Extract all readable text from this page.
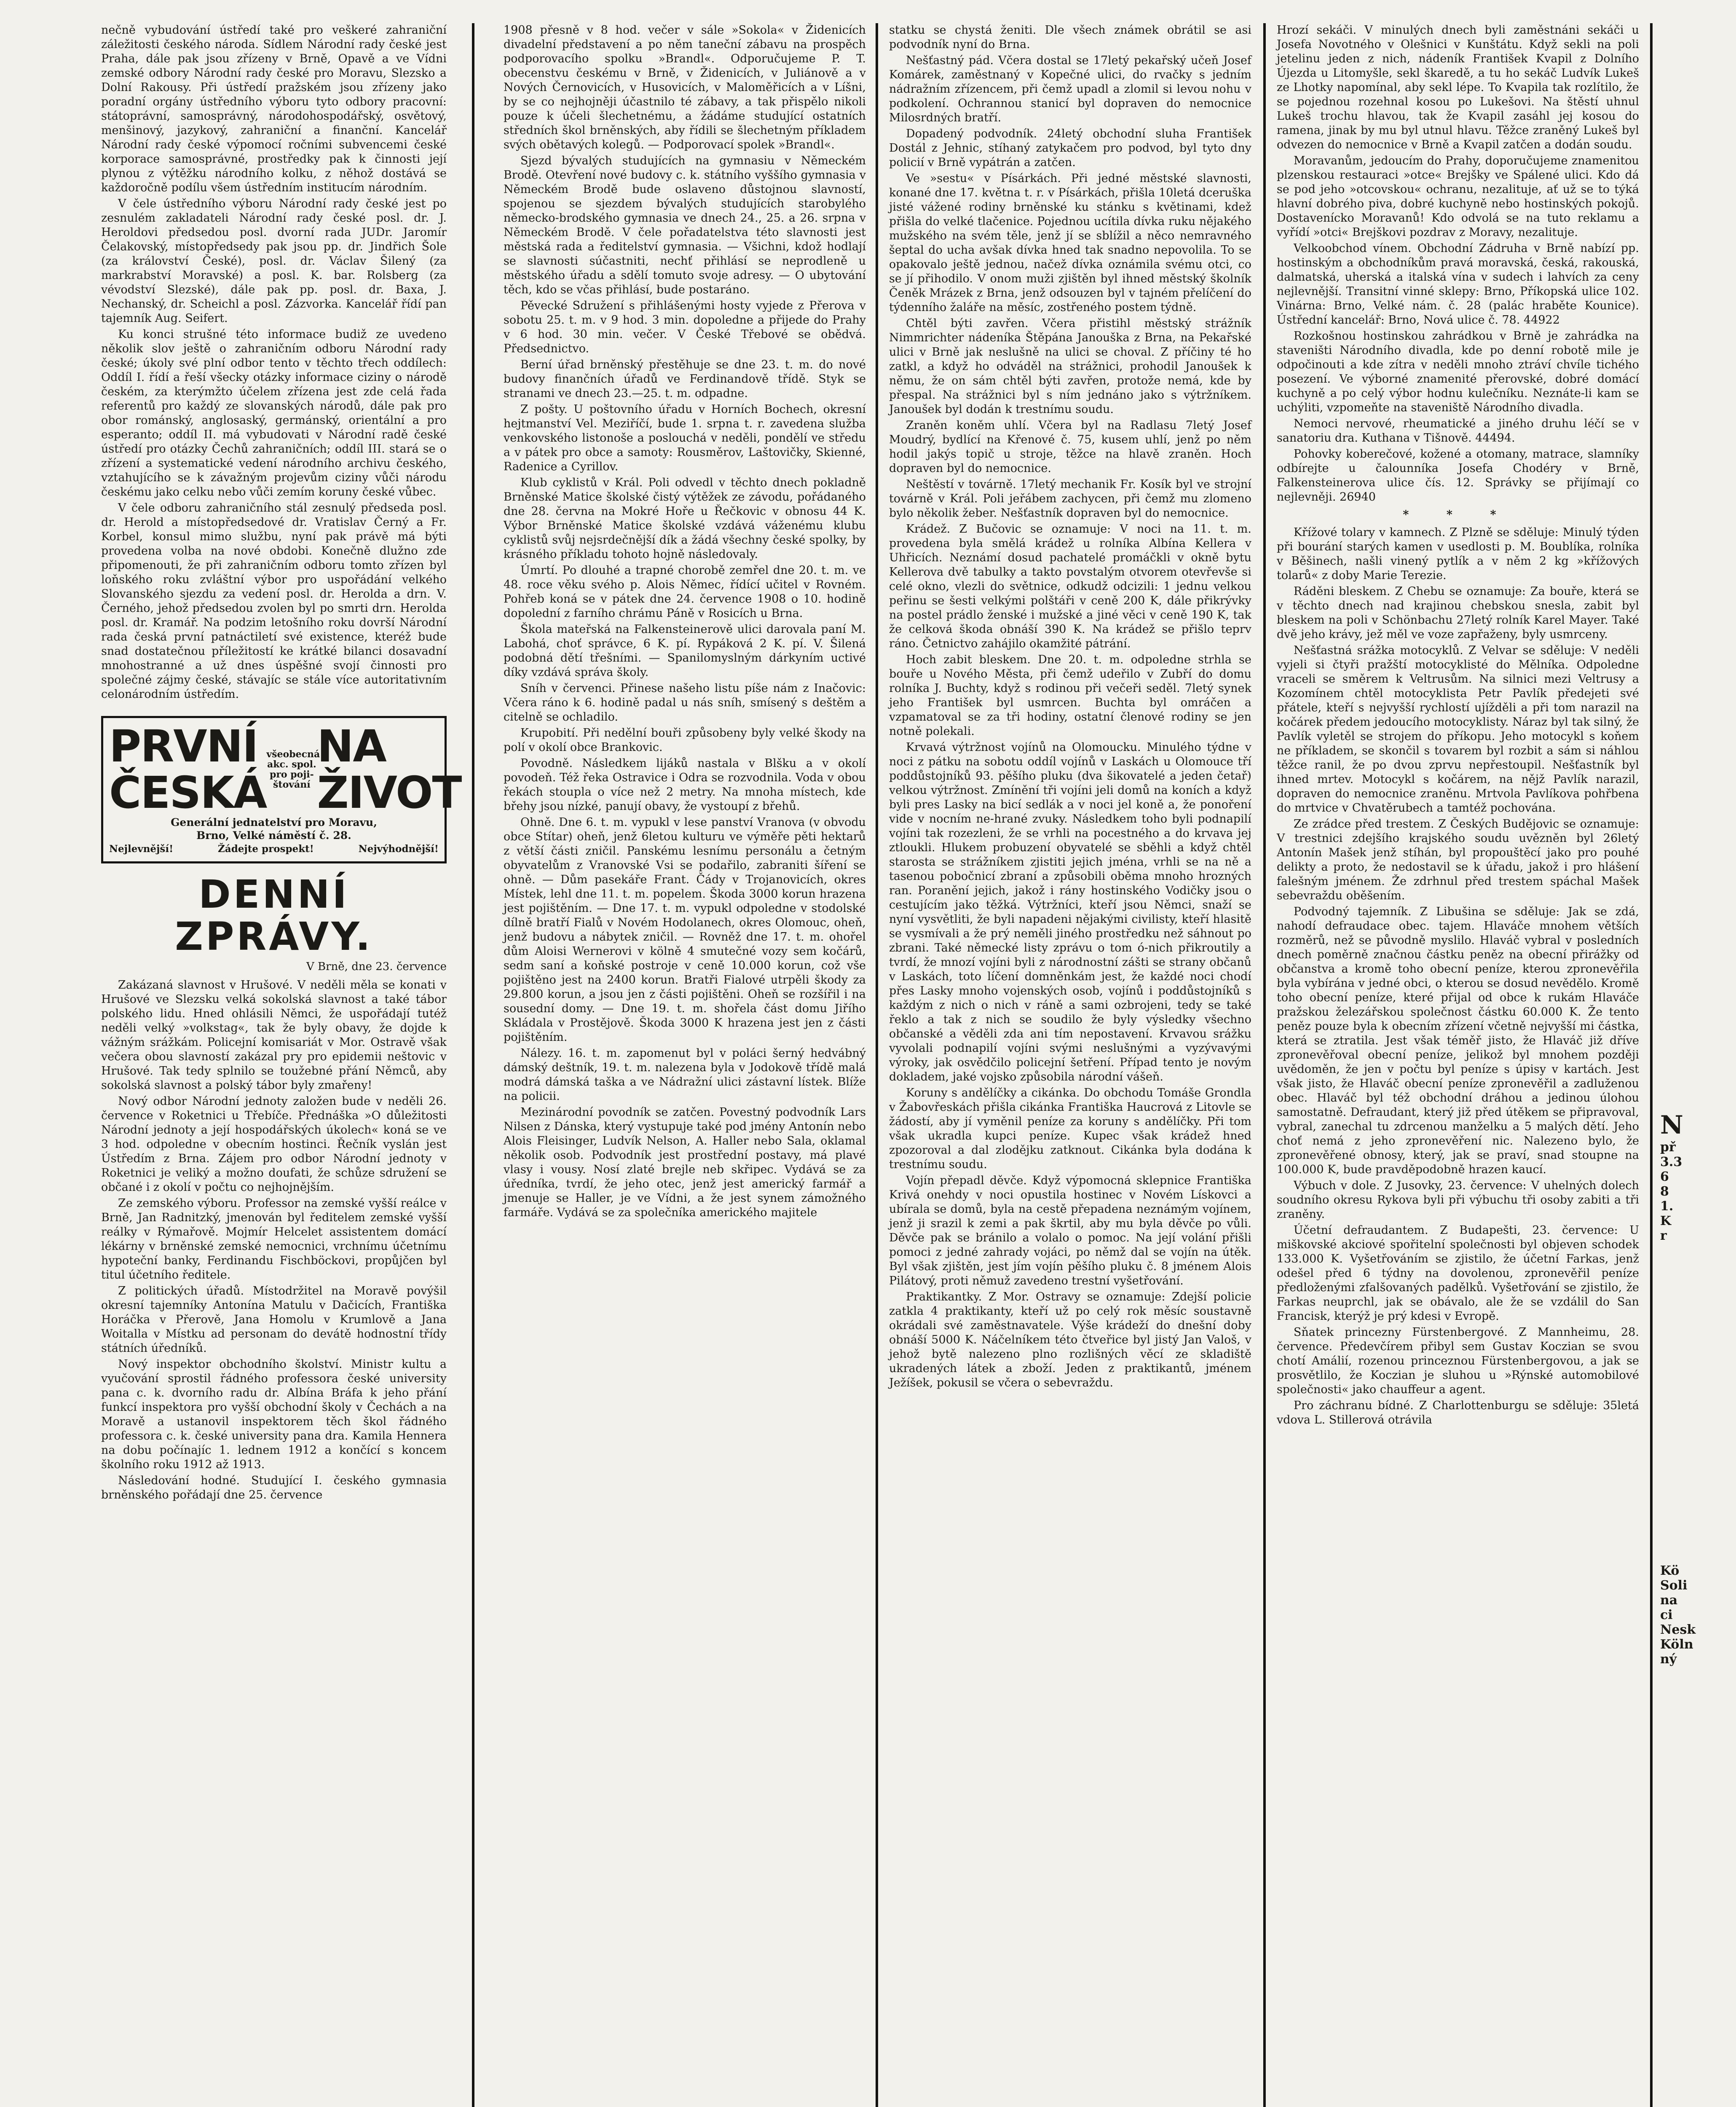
nečně vybudování ústředí také pro veškeré zahraniční záležitosti českého národa. Sídlem Národní rady české jest Praha, dále pak jsou zřízeny v Brně, Opavě a ve Vídni zemské odbory Národní rady české pro Moravu, Slezsko a Dolní Rakousy. Při ústředí pražském jsou zřízeny jako poradní orgány ústředního výboru tyto odbory pracovní: státoprávní, samosprávný, národohospodářský, osvětový, menšinový, jazykový, zahraniční a finanční. Kancelář Národní rady české výpomocí ročními subvencemi české korporace samosprávné, prostředky pak k činnosti její plynou z výtěžku národního kolku, z něhož dostává se každoročně podílu všem ústředním institucím národním.

V čele ústředního výboru Národní rady české jest po zesnulém zakladateli Národní rady české posl. dr. J. Heroldovi předsedou posl. dvorní rada JUDr. Jaromír Čelakovský, místopředsedy pak jsou pp. dr. Jindřich Šole (za království České), posl. dr. Václav Šilený (za markrabství Moravské) a posl. K. bar. Rolsberg (za vévodství Slezské), dále pak pp. posl. dr. Baxa, J. Nechanský, dr. Scheichl a posl. Zázvorka. Kancelář řídí pan tajemník Aug. Seifert.

Ku konci strušné této informace budiž ze uvedeno několik slov ještě o zahraničním odboru Národní rady české; úkoly své plní odbor tento v těchto třech oddílech: Oddíl I. řídí a řeší všecky otázky informace ciziny o národě českém, za kterýmžto účelem zřízena jest zde celá řada referentů pro každý ze slovanských národů, dále pak pro obor románský, anglosaský, germánský, orientální a pro esperanto; oddíl II. má vybudovati v Národní radě české ústředí pro otázky Čechů zahraničních; oddíl III. stará se o zřízení a systematické vedení národního archivu českého, vztahujícího se k závažným projevům ciziny vůči národu českému jako celku nebo vůči zemím koruny české vůbec.

V čele odboru zahraničního stál zesnulý předseda posl. dr. Herold a místopředsedové dr. Vratislav Černý a Fr. Korbel, konsul mimo službu, nyní pak právě má býti provedena volba na nové obdobi. Konečně dlužno zde připomenouti, že při zahraničním odboru tomto zřízen byl loňského roku zvláštní výbor pro uspořádání velkého Slovanského sjezdu za vedení posl. dr. Herolda a drn. V. Černého, jehož předsedou zvolen byl po smrti drn. Herolda posl. dr. Kramář. Na podzim letošního roku dovrší Národní rada česká první patnáctiletí své existence, kteréž bude snad dostatečnou příležitostí ke krátké bilanci dosavadní mnohostranné a už dnes úspěšné svojí činnosti pro společné zájmy české, stávajíc se stále více autoritativním celonárodním ústředím.

PRVNÍ ČESKÁ
všeobecná akc. spol. pro poji-štování
NA ŽIVOT
Generální jednatelství pro Moravu,
Brno, Velké náměstí č. 28.
Nejlevnější!	Žádejte prospekt!	Nejvýhodnější!
DENNÍ ZPRÁVY.
V Brně, dne 23. července

Zakázaná slavnost v Hrušové. V neděli měla se konati v Hrušové ve Slezsku velká sokolská slavnost a také tábor polského lidu. Hned ohlásili Němci, že uspořádají tutéž neděli velký »volkstag«, tak že byly obavy, že dojde k vážným srážkám. Policejní komisariát v Mor. Ostravě však večera obou slavností zakázal pry pro epidemii neštovic v Hrušové. Tak tedy splnilo se toužebné přání Němců, aby sokolská slavnost a polský tábor byly zmařeny!

Nový odbor Národní jednoty založen bude v neděli 26. července v Roketnici u Třebíče. Přednáška »O důležitosti Národní jednoty a její hospodářských úkolech« koná se ve 3 hod. odpoledne v obecním hostinci. Řečník vyslán jest Ústředím z Brna. Zájem pro odbor Národní jednoty v Roketnici je veliký a možno doufati, že schůze sdružení se občané i z okolí v počtu co nejhojnějším.

Ze zemského výboru. Professor na zemské vyšší reálce v Brně, Jan Radnitzký, jmenován byl ředitelem zemské vyšší reálky v Rýmařově. Mojmír Helcelet assistentem domácí lékárny v brněnské zemské nemocnici, vrchnímu účetnímu hypoteční banky, Ferdinandu Fischböckovi, propůjčen byl titul účetního ředitele.

Z politických úřadů. Místodržitel na Moravě povýšil okresní tajemníky Antonína Matulu v Dačicích, Františka Horáčka v Přerově, Jana Homolu v Krumlově a Jana Woitalla v Místku ad personam do devátě hodnostní třídy státních úředníků.

Nový inspektor obchodního školství. Ministr kultu a vyučování sprostil řádného professora české university pana c. k. dvorního radu dr. Albína Bráfa k jeho přání funkcí inspektora pro vyšší obchodní školy v Čechách a na Moravě a ustanovil inspektorem těch škol řádného professora c. k. české university pana dra. Kamila Hennera na dobu počínajíc 1. lednem 1912 a končící s koncem školního roku 1912 až 1913.

Následování hodné. Studující I. českého gymnasia brněnského pořádají dne 25. července

1908 přesně v 8 hod. večer v sále »Sokola« v Židenicích divadelní představení a po něm taneční zábavu na prospěch podporovacího spolku »Brandl«. Odporučujeme P. T. obecenstvu českému v Brně, v Židenicích, v Juliánově a v Nových Černovicích, v Husovicích, v Maloměřicích a v Líšni, by se co nejhojněji účastnilo té zábavy, a tak přispělo nikoli pouze k účeli šlechetnému, a žádáme studující ostatních středních škol brněnských, aby řídili se šlechetným příkladem svých obětavých kolegů. — Podporovací spolek »Brandl«.

Sjezd bývalých studujících na gymnasiu v Německém Brodě. Otevření nové budovy c. k. státního vyššího gymnasia v Německém Brodě bude oslaveno důstojnou slavností, spojenou se sjezdem bývalých studujících starobylého německo-brodského gymnasia ve dnech 24., 25. a 26. srpna v Německém Brodě. V čele pořadatelstva této slavnosti jest městská rada a ředitelství gymnasia. — Všichni, kdož hodlají se slavnosti súčastniti, nechť přihlásí se neprodleně u městského úřadu a sdělí tomuto svoje adresy. — O ubytování těch, kdo se včas přihlásí, bude postaráno.

Pěvecké Sdružení s přihlášenými hosty vyjede z Přerova v sobotu 25. t. m. v 9 hod. 3 min. dopoledne a přijede do Prahy v 6 hod. 30 min. večer. V České Třebové se obědvá. Předsednictvo.

Berní úřad brněnský přestěhuje se dne 23. t. m. do nové budovy finančních úřadů ve Ferdinandově třídě. Styk se stranami ve dnech 23.—25. t. m. odpadne.

Z pošty. U poštovního úřadu v Horních Bochech, okresní hejtmanství Vel. Meziříčí, bude 1. srpna t. r. zavedena služba venkovského listonoše a poslouchá v neděli, pondělí ve středu a v pátek pro obce a samoty: Rousměrov, Laštovičky, Skienné, Radenice a Cyrillov.

Klub cyklistů v Král. Poli odvedl v těchto dnech pokladně Brněnské Matice školské čistý výtěžek ze závodu, pořádaného dne 28. června na Mokré Hoře u Řečkovic v obnosu 44 K. Výbor Brněnské Matice školské vzdává váženému klubu cyklistů svůj nejsrdečnější dík a žádá všechny české spolky, by krásného příkladu tohoto hojně následovaly.

Úmrtí. Po dlouhé a trapné chorobě zemřel dne 20. t. m. ve 48. roce věku svého p. Alois Němec, řídící učitel v Rovném. Pohřeb koná se v pátek dne 24. července 1908 o 10. hodině dopolední z farního chrámu Páně v Rosicích u Brna.

Škola mateřská na Falkensteinerově ulici darovala paní M. Labohá, choť správce, 6 K. pí. Rypáková 2 K. pí. V. Šilená podobná dětí třešními. — Spanilomyslným dárkyním uctivé díky vzdává správa školy.

Sníh v červenci. Přinese našeho listu píše nám z Inačovic: Včera ráno k 6. hodině padal u nás sníh, smísený s deštěm a citelně se ochladilo.

Krupobití. Při nedělní bouři způsobeny byly velké škody na polí v okolí obce Brankovic.

Povodně. Následkem lijáků nastala v Blšku a v okolí povodeň. Též řeka Ostravice i Odra se rozvodnila. Voda v obou řekách stoupla o více než 2 metry. Na mnoha místech, kde břehy jsou nízké, panují obavy, že vystoupí z břehů.

Ohně. Dne 6. t. m. vypukl v lese panství Vranova (v obvodu obce Stítar) oheň, jenž 6letou kulturu ve výměře pěti hektarů z větší části zničil. Panskému lesnímu personálu a četným obyvatelům z Vranovské Vsi se podařilo, zabraniti šíření se ohně. — Dům pasekáře Frant. Čády v Trojanovicích, okres Místek, lehl dne 11. t. m. popelem. Škoda 3000 korun hrazena jest pojištěním. — Dne 17. t. m. vypukl odpoledne v stodolské dílně bratří Fialů v Novém Hodolanech, okres Olomouc, oheň, jenž budovu a nábytek zničil. — Rovněž dne 17. t. m. ohořel dům Aloisi Wernerovi v kölně 4 smutečné vozy sem kočárů, sedm saní a koňské postroje v ceně 10.000 korun, což vše pojištěno jest na 2400 korun. Bratři Fialové utrpěli škody za 29.800 korun, a jsou jen z části pojištěni. Oheň se rozšířil i na sousední domy. — Dne 19. t. m. shořela část domu Jiřího Skládala v Prostějově. Škoda 3000 K hrazena jest jen z části pojištěním.

Nálezy. 16. t. m. zapomenut byl v poláci šerný hedvábný dámský deštník, 19. t. m. nalezena byla v Jodokově třídě malá modrá dámská taška a ve Nádražní ulici zástavní lístek. Blíže na policii.

Mezinárodní povodník se zatčen. Povestný podvodník Lars Nilsen z Dánska, který vystupuje také pod jmény Antonín nebo Alois Fleisinger, Ludvík Nelson, A. Haller nebo Sala, oklamal několik osob. Podvodník jest prostřední postavy, má plavé vlasy i vousy. Nosí zlaté brejle neb skřipec. Vydává se za úředníka, tvrdí, že jeho otec, jenž jest americký farmář a jmenuje se Haller, je ve Vídni, a že jest synem zámožného farmáře. Vydává se za společníka amerického majitele

statku se chystá ženiti. Dle všech známek obrátil se asi podvodník nyní do Brna.

Nešťastný pád. Včera dostal se 17letý pekařský učeň Josef Komárek, zaměstnaný v Kopečné ulici, do rvačky s jedním nádražním zřízencem, při čemž upadl a zlomil si levou nohu v podkolení. Ochrannou stanicí byl dopraven do nemocnice Milosrdných bratří.

Dopadený podvodník. 24letý obchodní sluha František Dostál z Jehnic, stíhaný zatykačem pro podvod, byl tyto dny policií v Brně vypátrán a zatčen.

Ve »sestu« v Písárkách. Při jedné městské slavnosti, konané dne 17. května t. r. v Písárkách, přišla 10letá dceruška jisté vážené rodiny brněnské ku stánku s květinami, kdež přišla do velké tlačenice. Pojednou ucítila dívka ruku nějakého mužského na svém těle, jenž jí se sblížil a něco nemravného šeptal do ucha avšak dívka hned tak snadno nepovolila. To se opakovalo ještě jednou, načež dívka oznámila svému otci, co se jí přihodilo. V onom muži zjištěn byl ihned městský školník Čeněk Mrázek z Brna, jenž odsouzen byl v tajném přelíčení do týdenního žaláře na měsíc, zostřeného postem týdně.

Chtěl býti zavřen. Včera přistihl městský strážník Nimmrichter nádeníka Štěpána Janouška z Brna, na Pekařské ulici v Brně jak neslušně na ulici se choval. Z příčiny té ho zatkl, a když ho odváděl na strážnici, prohodil Janoušek k němu, že on sám chtěl býti zavřen, protože nemá, kde by přespal. Na strážnici byl s ním jednáno jako s výtržníkem. Janoušek byl dodán k trestnímu soudu.

Zraněn koněm uhlí. Včera byl na Radlasu 7letý Josef Moudrý, bydlící na Křenové č. 75, kusem uhlí, jenž po něm hodil jakýs topič u stroje, těžce na hlavě zraněn. Hoch dopraven byl do nemocnice.

Neštěstí v továrně. 17letý mechanik Fr. Kosík byl ve strojní továrně v Král. Poli jeřábem zachycen, při čemž mu zlomeno bylo několik žeber. Nešťastník dopraven byl do nemocnice.

Krádež. Z Bučovic se oznamuje: V noci na 11. t. m. provedena byla smělá krádež u rolníka Albína Kellera v Uhřicích. Neznámí dosud pachatelé promáčkli v okně bytu Kellerova dvě tabulky a takto povstalým otvorem otevřevše si celé okno, vlezli do světnice, odkudž odcizili: 1 jednu velkou peřinu se šesti velkými polštáři v ceně 200 K, dále přikrývky na postel prádlo ženské i mužské a jiné věci v ceně 190 K, tak že celková škoda obnáší 390 K. Na krádež se přišlo teprv ráno. Četnictvo zahájilo okamžité pátrání.

Hoch zabit bleskem. Dne 20. t. m. odpoledne strhla se bouře u Nového Města, při čemž udeřilo v Zubří do domu rolníka J. Buchty, když s rodinou při večeři seděl. 7letý synek jeho František byl usmrcen. Buchta byl omráčen a vzpamatoval se za tři hodiny, ostatní členové rodiny se jen notně polekali.

Krvavá výtržnost vojínů na Olomoucku. Minulého týdne v noci z pátku na sobotu oddíl vojínů v Laskách u Olomouce tří poddůstojníků 93. pěšího pluku (dva šikovatelé a jeden četař) velkou výtržnost. Zmínění tři vojíni jeli domů na koních a když byli pres Lasky na bicí sedlák a v noci jel koně a, že ponoření vide v nocním ne-hrané zvuky. Následkem toho byli podnapilí vojíni tak rozezleni, že se vrhli na pocestného a do krvava jej ztloukli. Hlukem probuzení obyvatelé se sběhli a když chtěl starosta se strážníkem zjistiti jejich jména, vrhli se na ně a tasenou pobočnicí zbraní a způsobili oběma mnoho hrozných ran. Poranění jejich, jakož i rány hostinského Vodičky jsou o cestujícím jako těžká. Výtržníci, kteří jsou Němci, snaží se nyní vysvětliti, že byli napadeni nějakými civilisty, kteří hlasitě se vysmívali a že prý neměli jiného prostředku než sáhnout po zbrani. Také německé listy zprávu o tom ó-nich přikroutily a tvrdí, že mnozí vojíni byli z národnostní zášti se strany občanů v Laskách, toto líčení domněnkám jest, že každé noci chodí přes Lasky mnoho vojenských osob, vojínů i poddůstojníků s každým z nich o nich v ráně a sami ozbrojeni, tedy se také řeklo a tak z nich se soudilo že byly výsledky všechno občanské a věděli zda ani tím nepostavení. Krvavou srážku vyvolali podnapilí vojíni svými neslušnými a vyzývavými výroky, jak osvědčilo policejní šetření. Případ tento je novým dokladem, jaké vojsko způsobila národní vášeň.

Koruny s andělíčky a cikánka. Do obchodu Tomáše Grondla v Žabovřeskách přišla cikánka Františka Haucrová z Litovle se žádostí, aby jí vyměnil peníze za koruny s andělíčky. Při tom však ukradla kupci peníze. Kupec však krádež hned zpozoroval a dal zlodějku zatknout. Cikánka byla dodána k trestnímu soudu.

Vojín přepadl děvče. Když výpomocná sklepnice Františka Krivá onehdy v noci opustila hostinec v Novém Lískovci a ubírala se domů, byla na cestě přepadena neznámým vojínem, jenž ji srazil k zemi a pak škrtil, aby mu byla děvče po vůli. Děvče pak se bránilo a volalo o pomoc. Na její volání přišli pomoci z jedné zahrady vojáci, po němž dal se vojín na útěk. Byl však zjištěn, jest jím vojín pěšího pluku č. 8 jménem Alois Pilátový, proti němuž zavedeno trestní vyšetřování.

Praktikantky. Z Mor. Ostravy se oznamuje: Zdejší policie zatkla 4 praktikanty, kteří už po celý rok měsíc soustavně okrádali své zaměstnavatele. Výše krádeží do dnešní doby obnáší 5000 K. Náčelníkem této čtveřice byl jistý Jan Valoš, v jehož bytě nalezeno plno rozlišných věcí ze skladiště ukradených látek a zboží. Jeden z praktikantů, jménem Ježíšek, pokusil se včera o sebevraždu.

Hrozí sekáči. V minulých dnech byli zaměstnáni sekáči u Josefa Novotného v Olešnici v Kunštátu. Když sekli na poli jetelinu jeden z nich, nádeník František Kvapil z Dolního Újezda u Litomyšle, sekl škaredě, a tu ho sekáč Ludvík Lukeš ze Lhotky napomínal, aby sekl lépe. To Kvapila tak rozlítilo, že se pojednou rozehnal kosou po Lukešovi. Na štěstí uhnul Lukeš trochu hlavou, tak že Kvapil zasáhl jej kosou do ramena, jinak by mu byl utnul hlavu. Těžce zraněný Lukeš byl odvezen do nemocnice v Brně a Kvapil zatčen a dodán soudu.

Moravanům, jedoucím do Prahy, doporučujeme znamenitou plzenskou restauraci »otce« Brejšky ve Spálené ulici. Kdo dá se pod jeho »otcovskou« ochranu, nezalituje, ať už se to týká hlavní dobrého piva, dobré kuchyně nebo hostinských pokojů. Dostavenícko Moravanů! Kdo odvolá se na tuto reklamu a vyřídí »otci« Brejškovi pozdrav z Moravy, nezalituje.

Velkoobchod vínem. Obchodní Zádruha v Brně nabízí pp. hostinským a obchodníkům pravá moravská, česká, rakouská, dalmatská, uherská a italská vína v sudech i lahvích za ceny nejlevnější. Transitní vinné sklepy: Brno, Příkopská ulice 102. Vinárna: Brno, Velké nám. č. 28 (palác hraběte Kounice). Ústřední kancelář: Brno, Nová ulice č. 78. 44922

Rozkošnou hostinskou zahrádkou v Brně je zahrádka na staveništi Národního divadla, kde po denní robotě mile je odpočinouti a kde zítra v neděli mnoho ztráví chvíle tichého posezení. Ve výborné znamenité přerovské, dobré domácí kuchyně a po celý výbor hodnu kulečníku. Neznáte-li kam se uchýliti, vzpomeňte na staveniště Národního divadla.

Nemoci nervové, rheumatické a jiného druhu léčí se v sanatoriu dra. Kuthana v Tišnově. 44494.

Pohovky koberečové, kožené a otomany, matrace, slamníky odbírejte u čalounníka Josefa Chodéry v Brně, Falkensteinerova ulice čís. 12. Správky se přijímají co nejlevněji. 26940

* * *

Křížové tolary v kamnech. Z Plzně se sděluje: Minulý týden při bourání starých kamen v usedlosti p. M. Boublíka, rolníka v Běšinech, našli vinený pytlík a v něm 2 kg »křížových tolarů« z doby Marie Terezie.

Ráděni bleskem. Z Chebu se oznamuje: Za bouře, která se v těchto dnech nad krajinou chebskou snesla, zabit byl bleskem na poli v Schönbachu 27letý rolník Karel Mayer. Také dvě jeho krávy, jež měl ve voze zapřaženy, byly usmrceny.

Nešťastná srážka motocyklů. Z Velvar se sděluje: V neděli vyjeli si čtyři pražští motocyklisté do Mělníka. Odpoledne vraceli se směrem k Veltrusům. Na silnici mezi Veltrusy a Kozomínem chtěl motocyklista Petr Pavlík předejeti své přátele, kteří s nejvyšší rychlostí ujížděli a při tom narazil na kočárek předem jedoucího motocyklisty. Náraz byl tak silný, že Pavlík vyletěl se strojem do příkopu. Jeho motocykl s koňem ne příkladem, se skončil s tovarem byl rozbit a sám si náhlou těžce ranil, že po dvou zprvu nepřestoupil. Nešťastník byl ihned mrtev. Motocykl s kočárem, na nějž Pavlík narazil, dopraven do nemocnice zraněnu. Mrtvola Pavlíkova pohřbena do mrtvice v Chvatěrubech a tamtéž pochována.

Ze zrádce před trestem. Z Českých Budějovic se oznamuje: V trestnici zdejšího krajského soudu uvězněn byl 26letý Antonín Mašek jenž stíhán, byl propouštěcí jako pro pouhé delikty a proto, že nedostavil se k úřadu, jakož i pro hlášení falešným jménem. Že zdrhnul před trestem spáchal Mašek sebevraždu oběšením.

Podvodný tajemník. Z Libušina se sděluje: Jak se zdá, nahodí defraudace obec. tajem. Hlaváče mnohem větších rozměrů, než se původně myslilo. Hlaváč vybral v posledních dnech poměrně značnou částku peněz na obecní přirážky od občanstva a kromě toho obecní peníze, kterou zpronevěřila byla vybírána v jedné obci, o kterou se dosud nevědělo. Kromě toho obecní peníze, které přijal od obce k rukám Hlaváče pražskou železářskou společnost částku 60.000 K. Že tento peněz pouze byla k obecním zřízení včetně nejvyšší mi částka, která se ztratila. Jest však téměř jisto, že Hlaváč již dříve zpronevěřoval obecní peníze, jelikož byl mnohem později uvědoměn, že jen v počtu byl peníze s úpisy v kartách. Jest však jisto, že Hlaváč obecní peníze zpronevěřil a zadluženou obec. Hlaváč byl též obchodní dráhou a jedinou úlohou samostatně. Defraudant, který již před útěkem se připravoval, vybral, zanechal tu zdrcenou manželku a 5 malých dětí. Jeho choť nemá z jeho zpronevěření nic. Nalezeno bylo, že zpronevěřené obnosy, který, jak se praví, snad stoupne na 100.000 K, bude pravděpodobně hrazen kaucí.

Výbuch v dole. Z Jusovky, 23. července: V uhelných dolech soudního okresu Rykova byli při výbuchu tři osoby zabiti a tři zraněny.

Účetní defraudantem. Z Budapešti, 23. července: U miškovské akciové spořitelní společnosti byl objeven schodek 133.000 K. Vyšetřováním se zjistilo, že účetní Farkas, jenž odešel před 6 týdny na dovolenou, zpronevěřil peníze předloženými zfalšovaných padělků. Vyšetřování se zjistilo, že Farkas neuprchl, jak se obávalo, ale že se vzdálil do San Francisk, kterýž je prý kdesi v Evropě.

Sňatek princezny Fürstenbergové. Z Mannheimu, 28. července. Předevčírem přibyl sem Gustav Koczian se svou chotí Amálií, rozenou princeznou Fürstenbergovou, a jak se prosvětlilo, že Koczian je sluhou u »Rýnské automobilové společnosti« jako chauffeur a agent.

Pro záchranu bídné. Z Charlottenburgu se sděluje: 35letá vdova L. Stillerová otrávila

N
př
3.3
6
8
1.
K
r
Kö
Soli
na
ci
Nesk
Köln
ný
